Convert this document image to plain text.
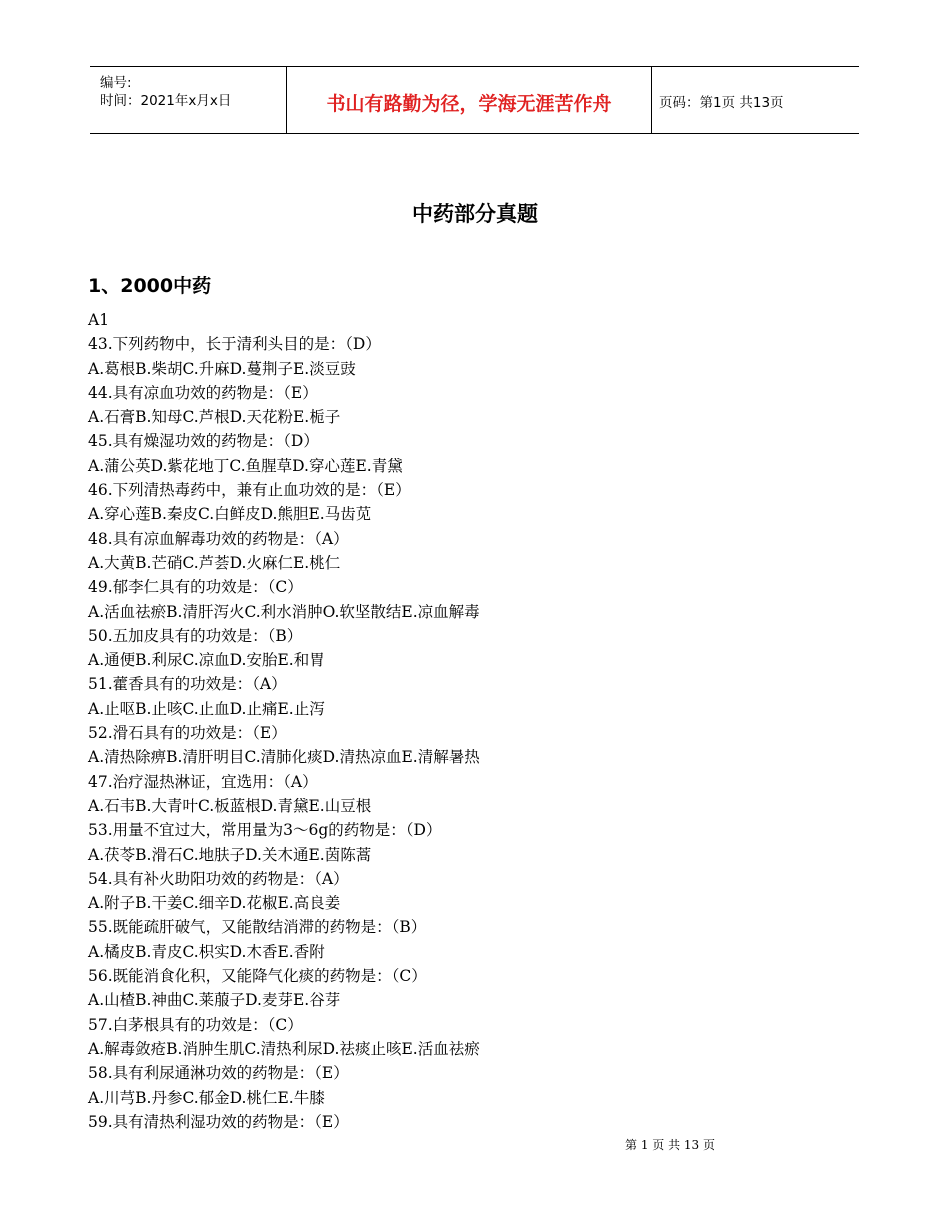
编号:
时间：2021年x月x日	书山有路勤为径，学海无涯苦作舟	页码：第1页 共13页
中药部分真题
1、2000中药
A1
43.下列药物中，长于清利头目的是：（D）
A.葛根B.柴胡C.升麻D.蔓荆子E.淡豆豉
44.具有凉血功效的药物是：（E）
A.石膏B.知母C.芦根D.天花粉E.栀子
45.具有燥湿功效的药物是：（D）
A.蒲公英D.紫花地丁C.鱼腥草D.穿心莲E.青黛
46.下列清热毒药中，兼有止血功效的是：（E）
A.穿心莲B.秦皮C.白鲜皮D.熊胆E.马齿苋
48.具有凉血解毒功效的药物是：（A）
A.大黄B.芒硝C.芦荟D.火麻仁E.桃仁
49.郁李仁具有的功效是：（C）
A.活血祛瘀B.清肝泻火C.利水消肿O.软坚散结E.凉血解毒
50.五加皮具有的功效是：（B）
A.通便B.利尿C.凉血D.安胎E.和胃
51.藿香具有的功效是：（A）
A.止呕B.止咳C.止血D.止痛E.止泻
52.滑石具有的功效是：（E）
A.清热除痹B.清肝明目C.清肺化痰D.清热凉血E.清解暑热
47.治疗湿热淋证，宜选用：（A）
A.石韦B.大青叶C.板蓝根D.青黛E.山豆根
53.用量不宜过大，常用量为3～6g的药物是：（D）
A.茯苓B.滑石C.地肤子D.关木通E.茵陈蒿
54.具有补火助阳功效的药物是：（A）
A.附子B.干姜C.细辛D.花椒E.高良姜
55.既能疏肝破气，又能散结消滞的药物是：（B）
A.橘皮B.青皮C.枳实D.木香E.香附
56.既能消食化积，又能降气化痰的药物是：（C）
A.山楂B.神曲C.莱菔子D.麦芽E.谷芽
57.白茅根具有的功效是：（C）
A.解毒敛疮B.消肿生肌C.清热利尿D.祛痰止咳E.活血祛瘀
58.具有利尿通淋功效的药物是：（E）
A.川芎B.丹参C.郁金D.桃仁E.牛膝
59.具有清热利湿功效的药物是：（E）
第 1 页 共 13 页
